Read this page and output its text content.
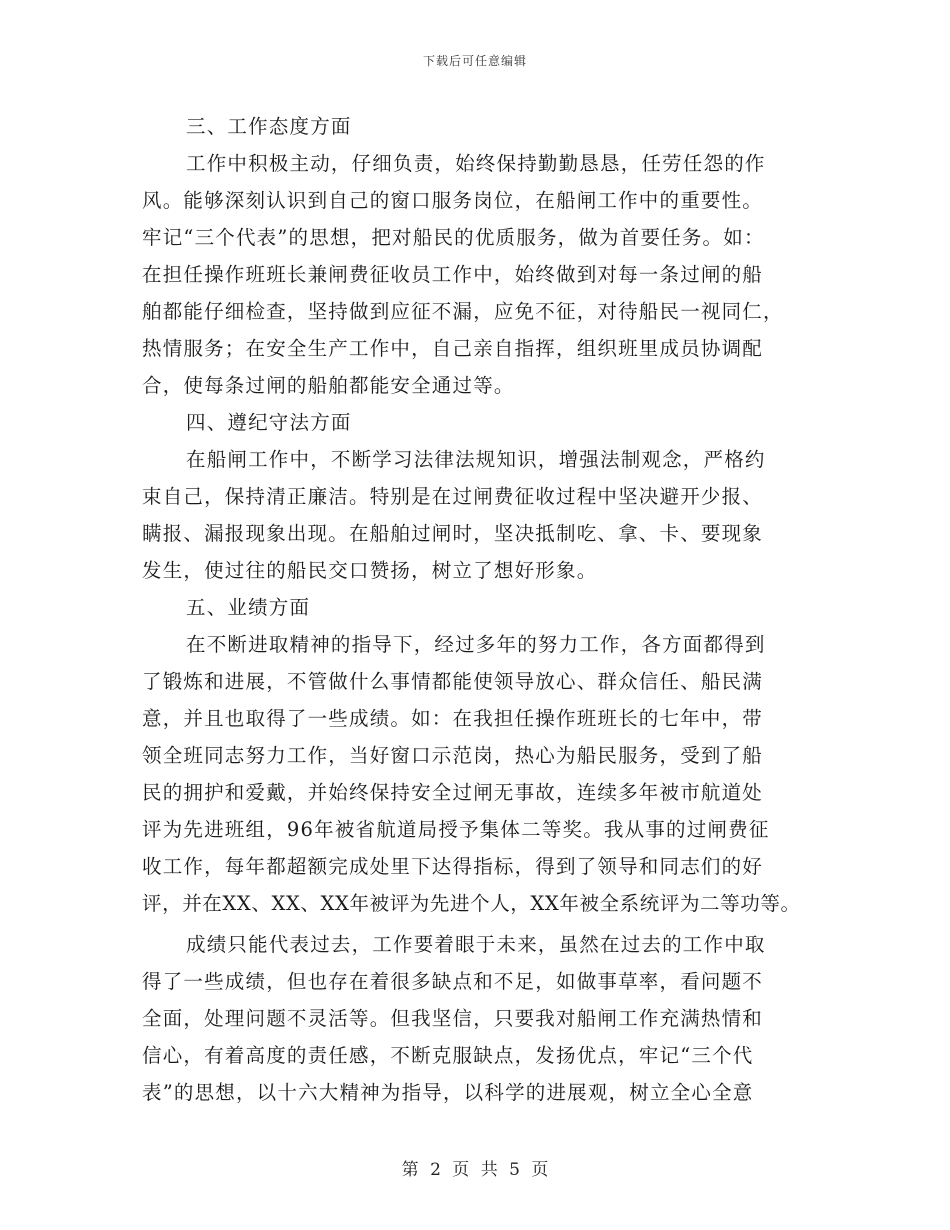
下载后可任意编辑
三、工作态度方面
工作中积极主动，仔细负责，始终保持勤勤恳恳，任劳任怨的作
风。能够深刻认识到自己的窗口服务岗位，在船闸工作中的重要性。
牢记“三个代表”的思想，把对船民的优质服务，做为首要任务。如：
在担任操作班班长兼闸费征收员工作中，始终做到对每一条过闸的船
舶都能仔细检查，坚持做到应征不漏，应免不征，对待船民一视同仁，
热情服务；在安全生产工作中，自己亲自指挥，组织班里成员协调配
合，使每条过闸的船舶都能安全通过等。
四、遵纪守法方面
在船闸工作中，不断学习法律法规知识，增强法制观念，严格约
束自己，保持清正廉洁。特别是在过闸费征收过程中坚决避开少报、
瞒报、漏报现象出现。在船舶过闸时，坚决抵制吃、拿、卡、要现象
发生，使过往的船民交口赞扬，树立了想好形象。
五、业绩方面
在不断进取精神的指导下，经过多年的努力工作，各方面都得到
了锻炼和进展，不管做什么事情都能使领导放心、群众信任、船民满
意，并且也取得了一些成绩。如：在我担任操作班班长的七年中，带
领全班同志努力工作，当好窗口示范岗，热心为船民服务，受到了船
民的拥护和爱戴，并始终保持安全过闸无事故，连续多年被市航道处
评为先进班组，96年被省航道局授予集体二等奖。我从事的过闸费征
收工作，每年都超额完成处里下达得指标，得到了领导和同志们的好
评，并在XX、XX、XX年被评为先进个人，XX年被全系统评为二等功等。
成绩只能代表过去，工作要着眼于未来，虽然在过去的工作中取
得了一些成绩，但也存在着很多缺点和不足，如做事草率，看问题不
全面，处理问题不灵活等。但我坚信，只要我对船闸工作充满热情和
信心，有着高度的责任感，不断克服缺点，发扬优点，牢记“三个代
表”的思想，以十六大精神为指导，以科学的进展观，树立全心全意
第 2 页 共 5 页
